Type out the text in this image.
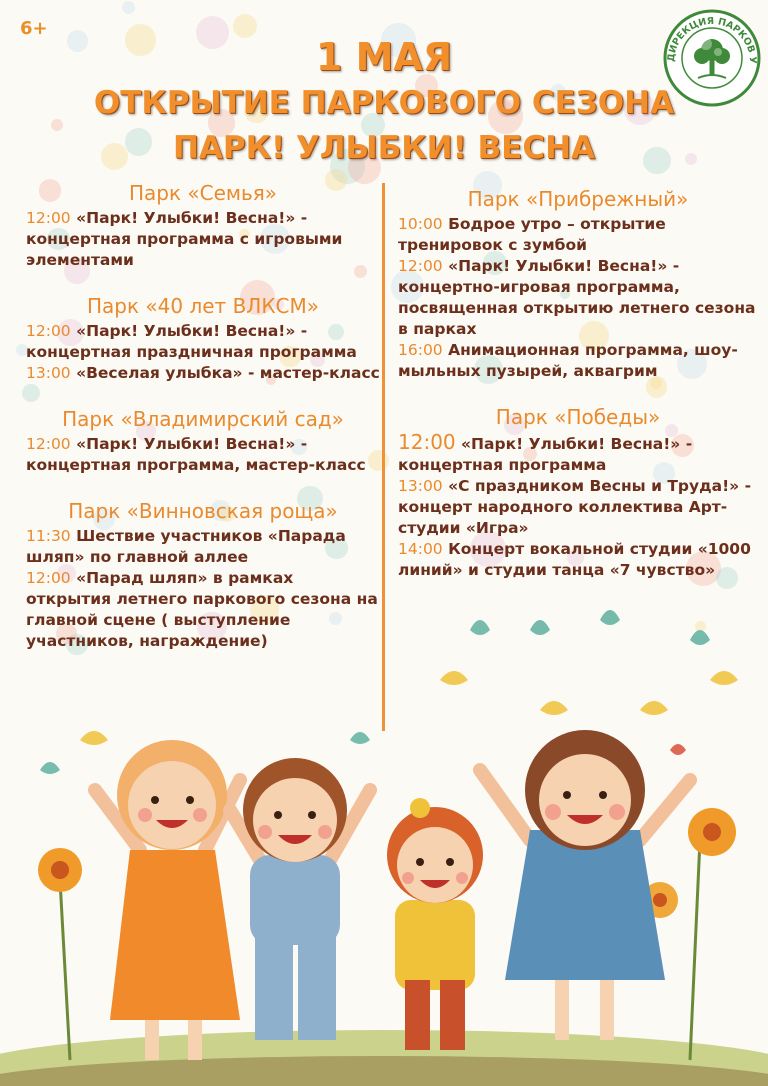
6+
ДИРЕКЦИЯ ПАРКОВ У
1 МАЯ
ОТКРЫТИЕ ПАРКОВОГО СЕЗОНА
ПАРК! УЛЫБКИ! ВЕСНА
Парк «Семья»
12:00 «Парк! Улыбки! Весна!» - концертная программа с игровыми элементами
Парк «40 лет ВЛКСМ»
12:00 «Парк! Улыбки! Весна!» - концертная праздничная программа
13:00 «Веселая улыбка» - мастер-класс
Парк «Владимирский сад»
12:00 «Парк! Улыбки! Весна!» - концертная программа, мастер-класс
Парк «Винновская роща»
11:30 Шествие участников «Парада шляп» по главной аллее
12:00 «Парад шляп» в рамках открытия летнего паркового сезона на главной сцене ( выступление участников, награждение)
Парк «Прибрежный»
10:00 Бодрое утро – открытие тренировок с зумбой
12:00 «Парк! Улыбки! Весна!» - концертно-игровая программа, посвященная открытию летнего сезона в парках
16:00 Анимационная программа, шоу-мыльных пузырей, аквагрим
Парк «Победы»
12:00 «Парк! Улыбки! Весна!» - концертная программа
13:00 «С праздником Весны и Труда!» - концерт народного коллектива Арт-студии «Игра»
14:00 Концерт вокальной студии «1000 линий» и студии танца «7 чувство»
